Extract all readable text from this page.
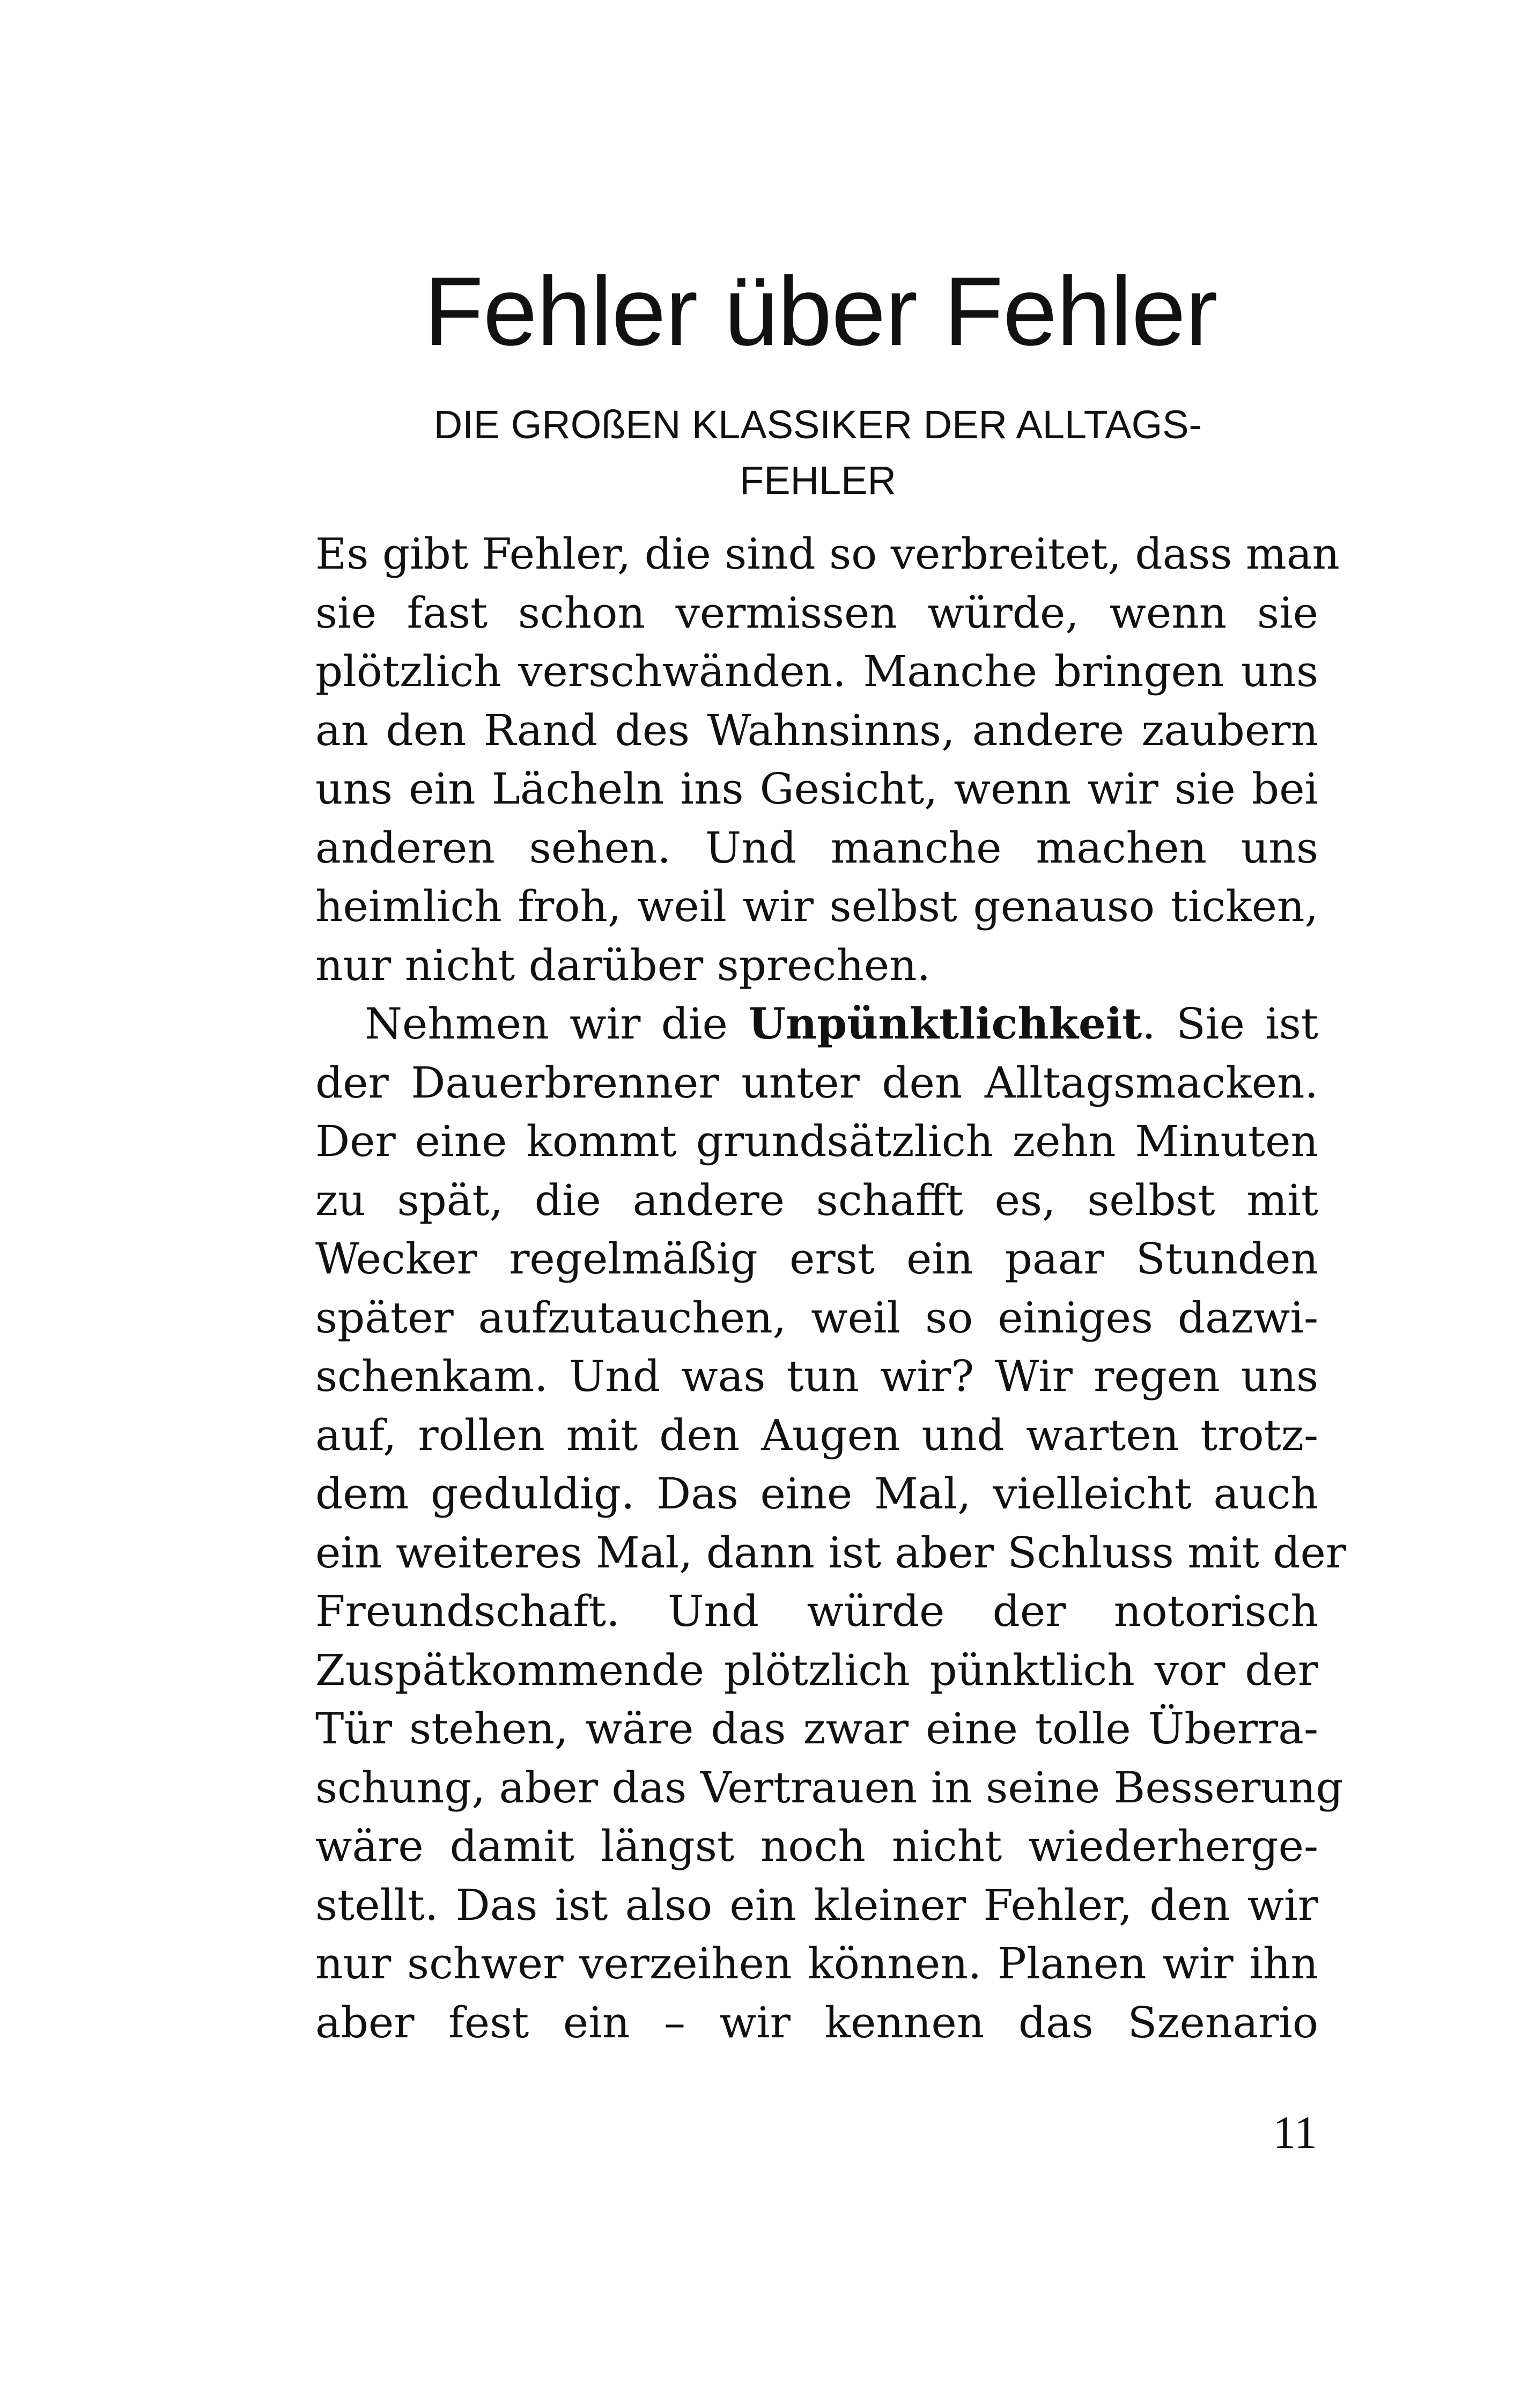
Fehler über Fehler
DIE GROßEN KLASSIKER DER ALLTAGS-
FEHLER
Es gibt Fehler, die sind so verbreitet, dass man
sie fast schon vermissen würde, wenn sie
plötzlich verschwänden. Manche bringen uns
an den Rand des Wahnsinns, andere zaubern
uns ein Lächeln ins Gesicht, wenn wir sie bei
anderen sehen. Und manche machen uns
heimlich froh, weil wir selbst genauso ticken,
nur nicht darüber sprechen.
Nehmen wir die Unpünktlichkeit. Sie ist
der Dauerbrenner unter den Alltagsmacken.
Der eine kommt grundsätzlich zehn Minuten
zu spät, die andere schafft es, selbst mit
Wecker regelmäßig erst ein paar Stunden
später aufzutauchen, weil so einiges dazwi-
schenkam. Und was tun wir? Wir regen uns
auf, rollen mit den Augen und warten trotz-
dem geduldig. Das eine Mal, vielleicht auch
ein weiteres Mal, dann ist aber Schluss mit der
Freundschaft. Und würde der notorisch
Zuspätkommende plötzlich pünktlich vor der
Tür stehen, wäre das zwar eine tolle Überra-
schung, aber das Vertrauen in seine Besserung
wäre damit längst noch nicht wiederherge-
stellt. Das ist also ein kleiner Fehler, den wir
nur schwer verzeihen können. Planen wir ihn
aber fest ein – wir kennen das Szenario

11
